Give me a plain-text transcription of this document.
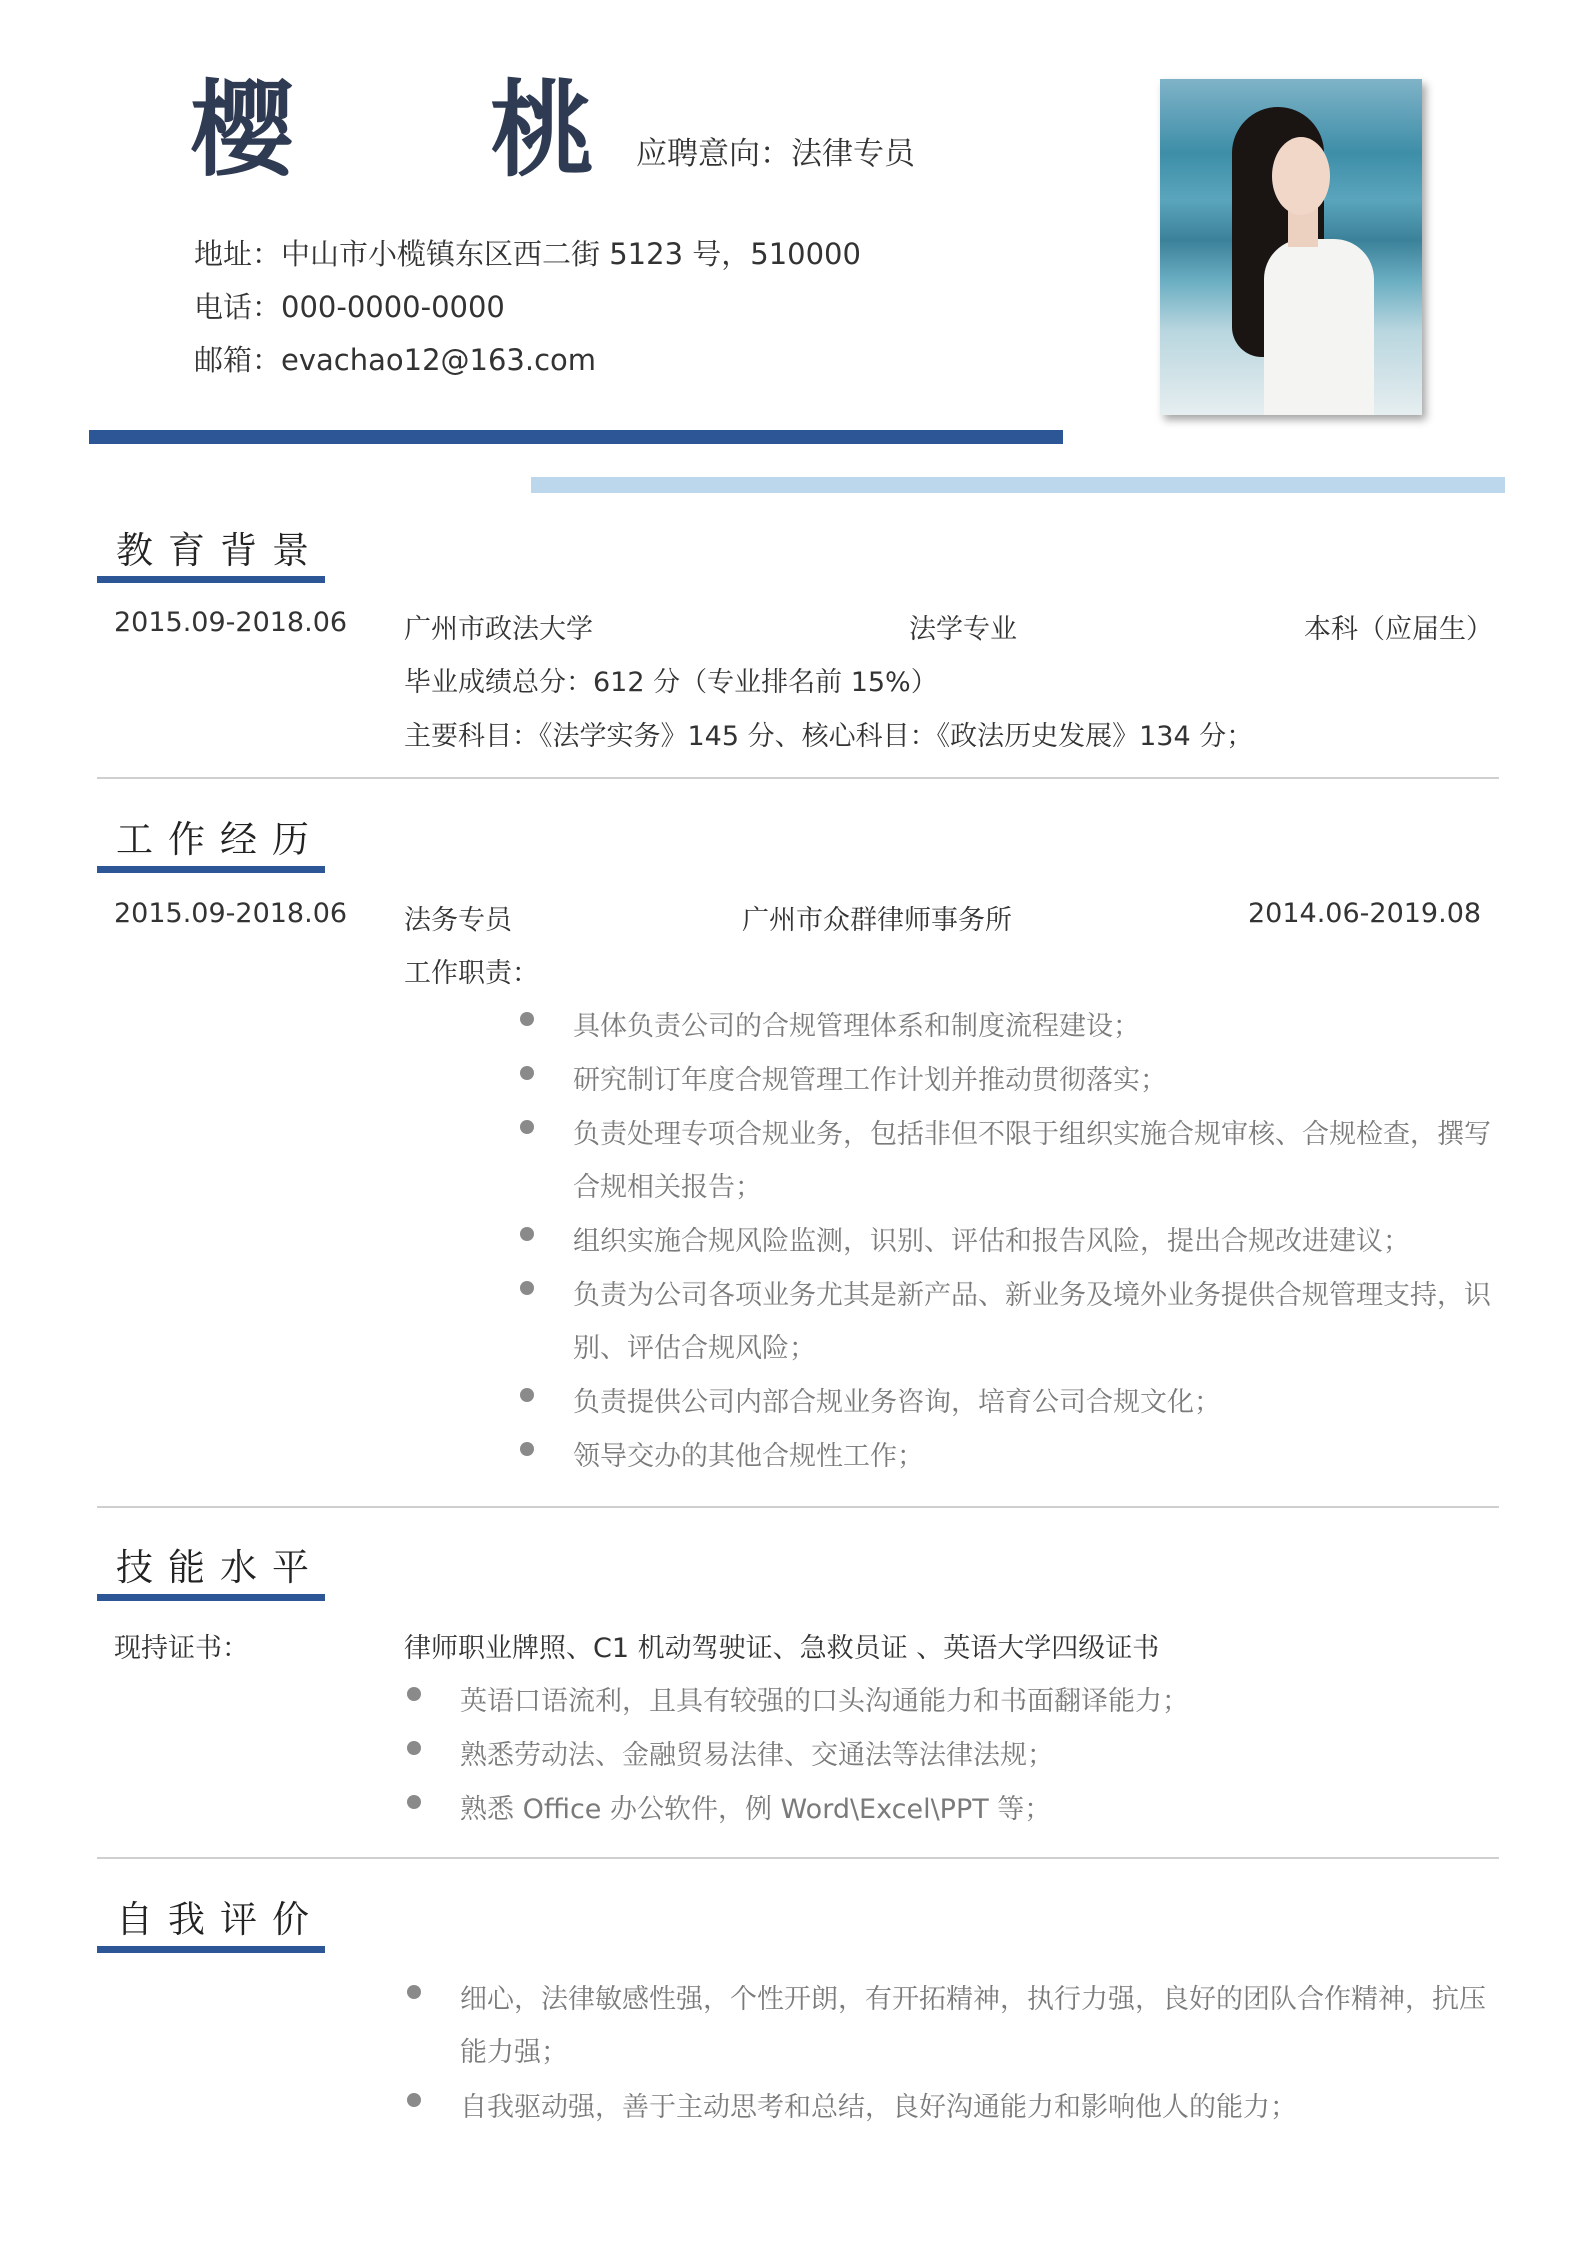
樱 桃
应聘意向：法律专员
地址：中山市小榄镇东区西二街 5123 号，510000
电话：000-0000-0000
邮箱：evachao12@163.com
教育背景
2015.09-2018.06 广州市政法大学	法学专业	本科（应届生）
毕业成绩总分：612 分（专业排名前 15%）
主要科目：《法学实务》145 分、核心科目：《政法历史发展》134 分；
工作经历
2015.09-2018.06 法务专员	广州市众群律师事务所	2014.06-2019.08
工作职责：
具体负责公司的合规管理体系和制度流程建设；
研究制订年度合规管理工作计划并推动贯彻落实；
负责处理专项合规业务，包括非但不限于组织实施合规审核、合规检查，撰写
合规相关报告；
组织实施合规风险监测，识别、评估和报告风险，提出合规改进建议；
负责为公司各项业务尤其是新产品、新业务及境外业务提供合规管理支持，识
别、评估合规风险；
负责提供公司内部合规业务咨询，培育公司合规文化；
领导交办的其他合规性工作；
技能水平
现持证书：	律师职业牌照、C1 机动驾驶证、急救员证 、英语大学四级证书
英语口语流利，且具有较强的口头沟通能力和书面翻译能力；
熟悉劳动法、金融贸易法律、交通法等法律法规；
熟悉 Office 办公软件，例 Word\Excel\PPT 等；
自我评价
细心，法律敏感性强，个性开朗，有开拓精神，执行力强，良好的团队合作精神，抗压
能力强；
自我驱动强，善于主动思考和总结，良好沟通能力和影响他人的能力；
